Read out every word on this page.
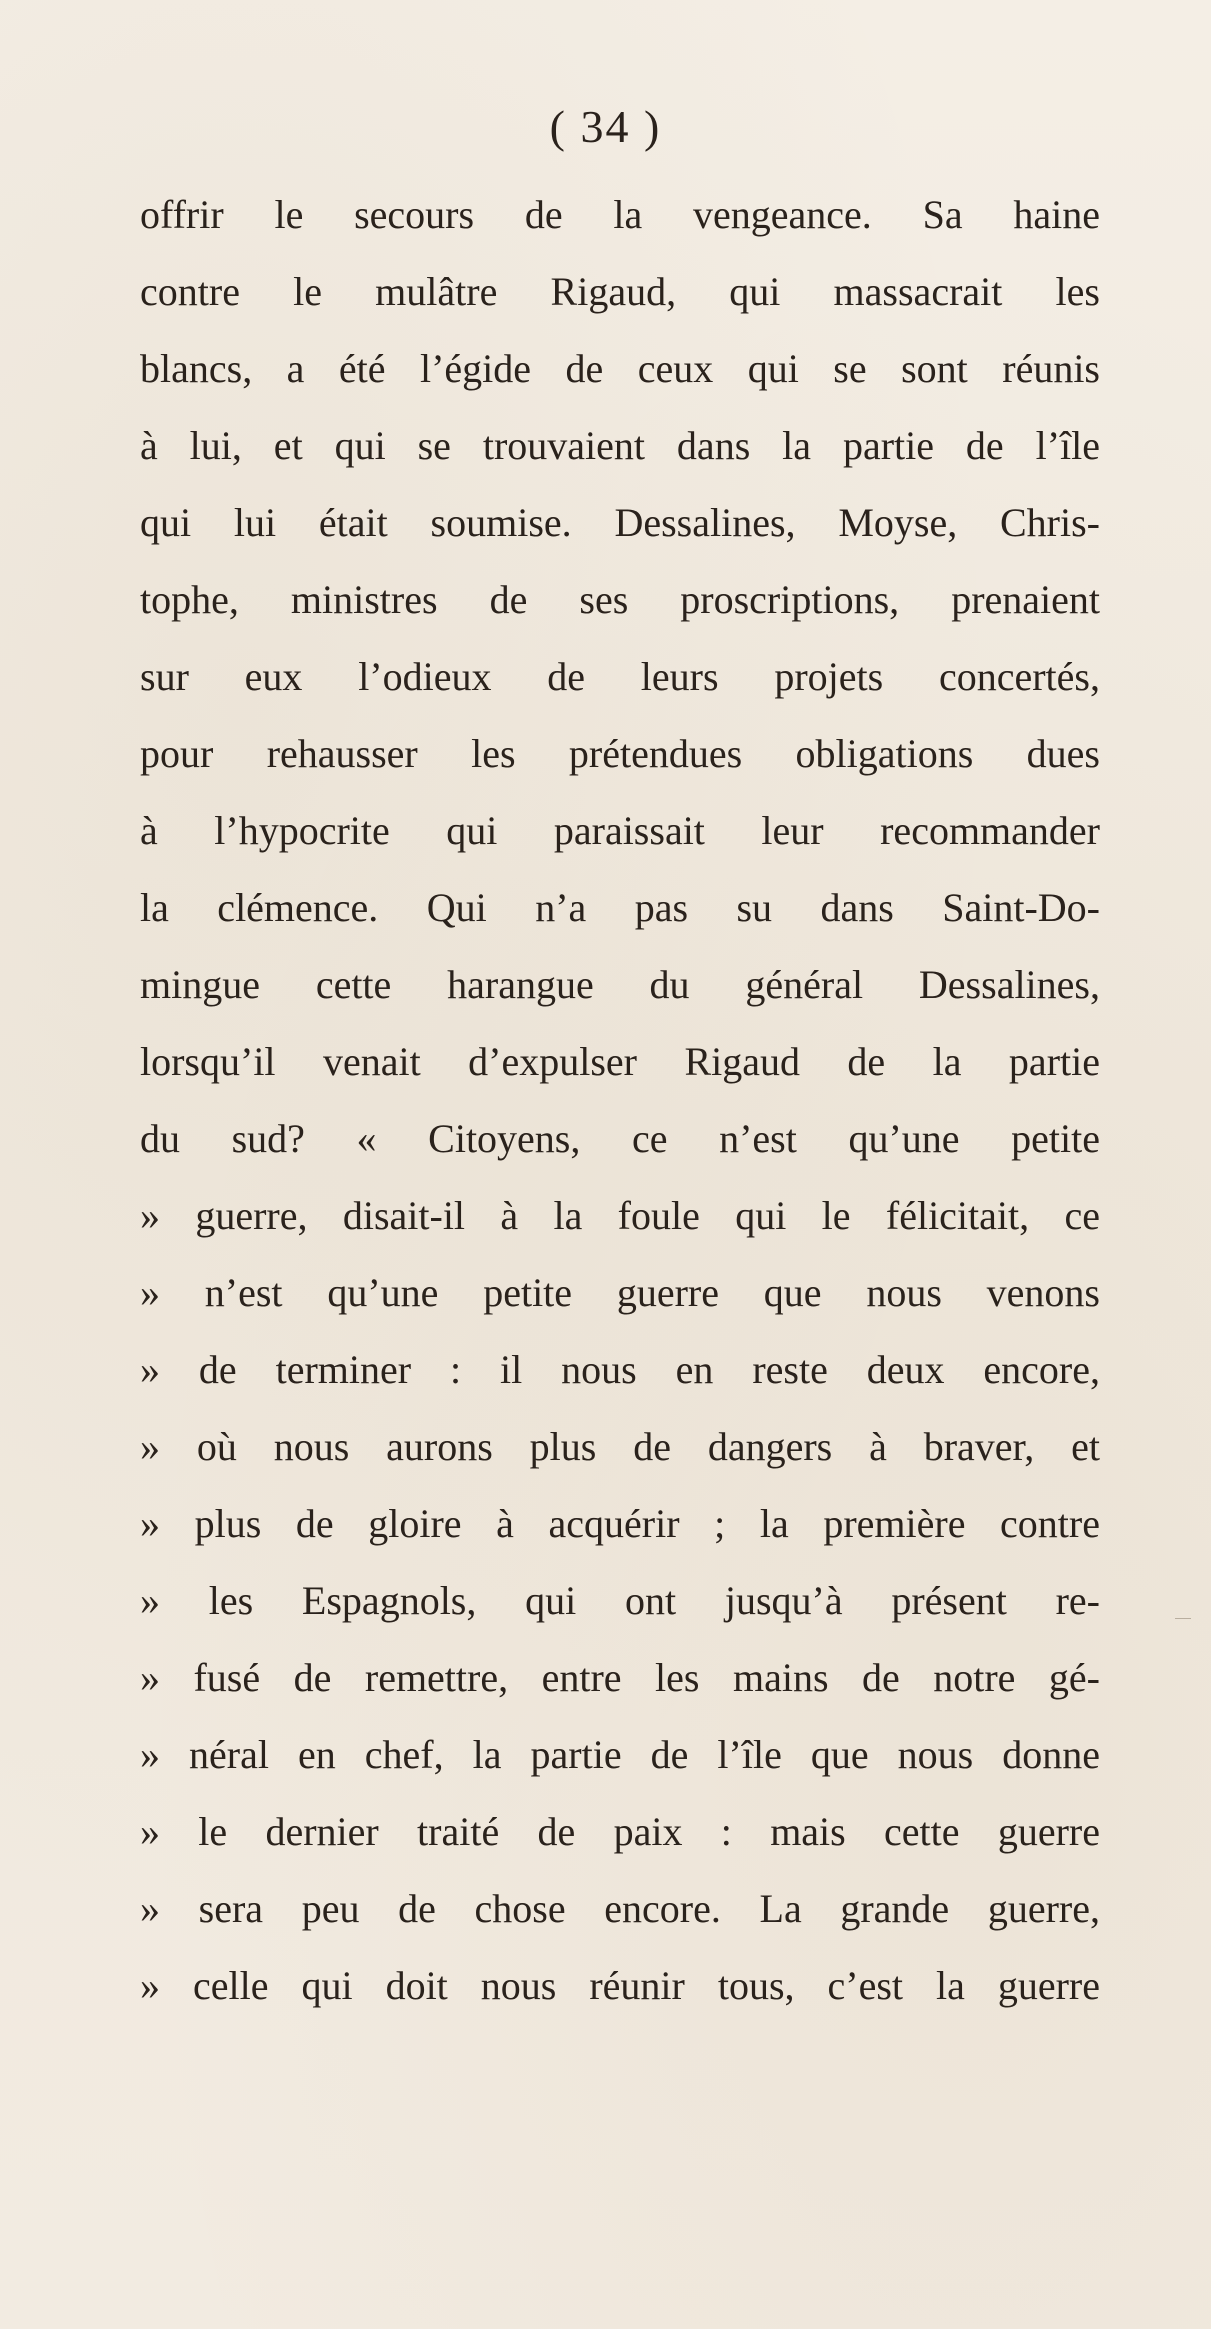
( 34 )
offrir le secours de la vengeance. Sa haine
contre le mulâtre Rigaud, qui massacrait les
blancs, a été l’égide de ceux qui se sont réunis
à lui, et qui se trouvaient dans la partie de l’île
qui lui était soumise. Dessalines, Moyse, Chris-
tophe, ministres de ses proscriptions, prenaient
sur eux l’odieux de leurs projets concertés,
pour rehausser les prétendues obligations dues
à l’hypocrite qui paraissait leur recommander
la clémence. Qui n’a pas su dans Saint-Do-
mingue cette harangue du général Dessalines,
lorsqu’il venait d’expulser Rigaud de la partie
du sud? « Citoyens, ce n’est qu’une petite
» guerre, disait-il à la foule qui le félicitait, ce
» n’est qu’une petite guerre que nous venons
» de terminer : il nous en reste deux encore,
» où nous aurons plus de dangers à braver, et
» plus de gloire à acquérir ; la première contre
» les Espagnols, qui ont jusqu’à présent re-
» fusé de remettre, entre les mains de notre gé-
» néral en chef, la partie de l’île que nous donne
» le dernier traité de paix : mais cette guerre
» sera peu de chose encore. La grande guerre,
» celle qui doit nous réunir tous, c’est la guerre
